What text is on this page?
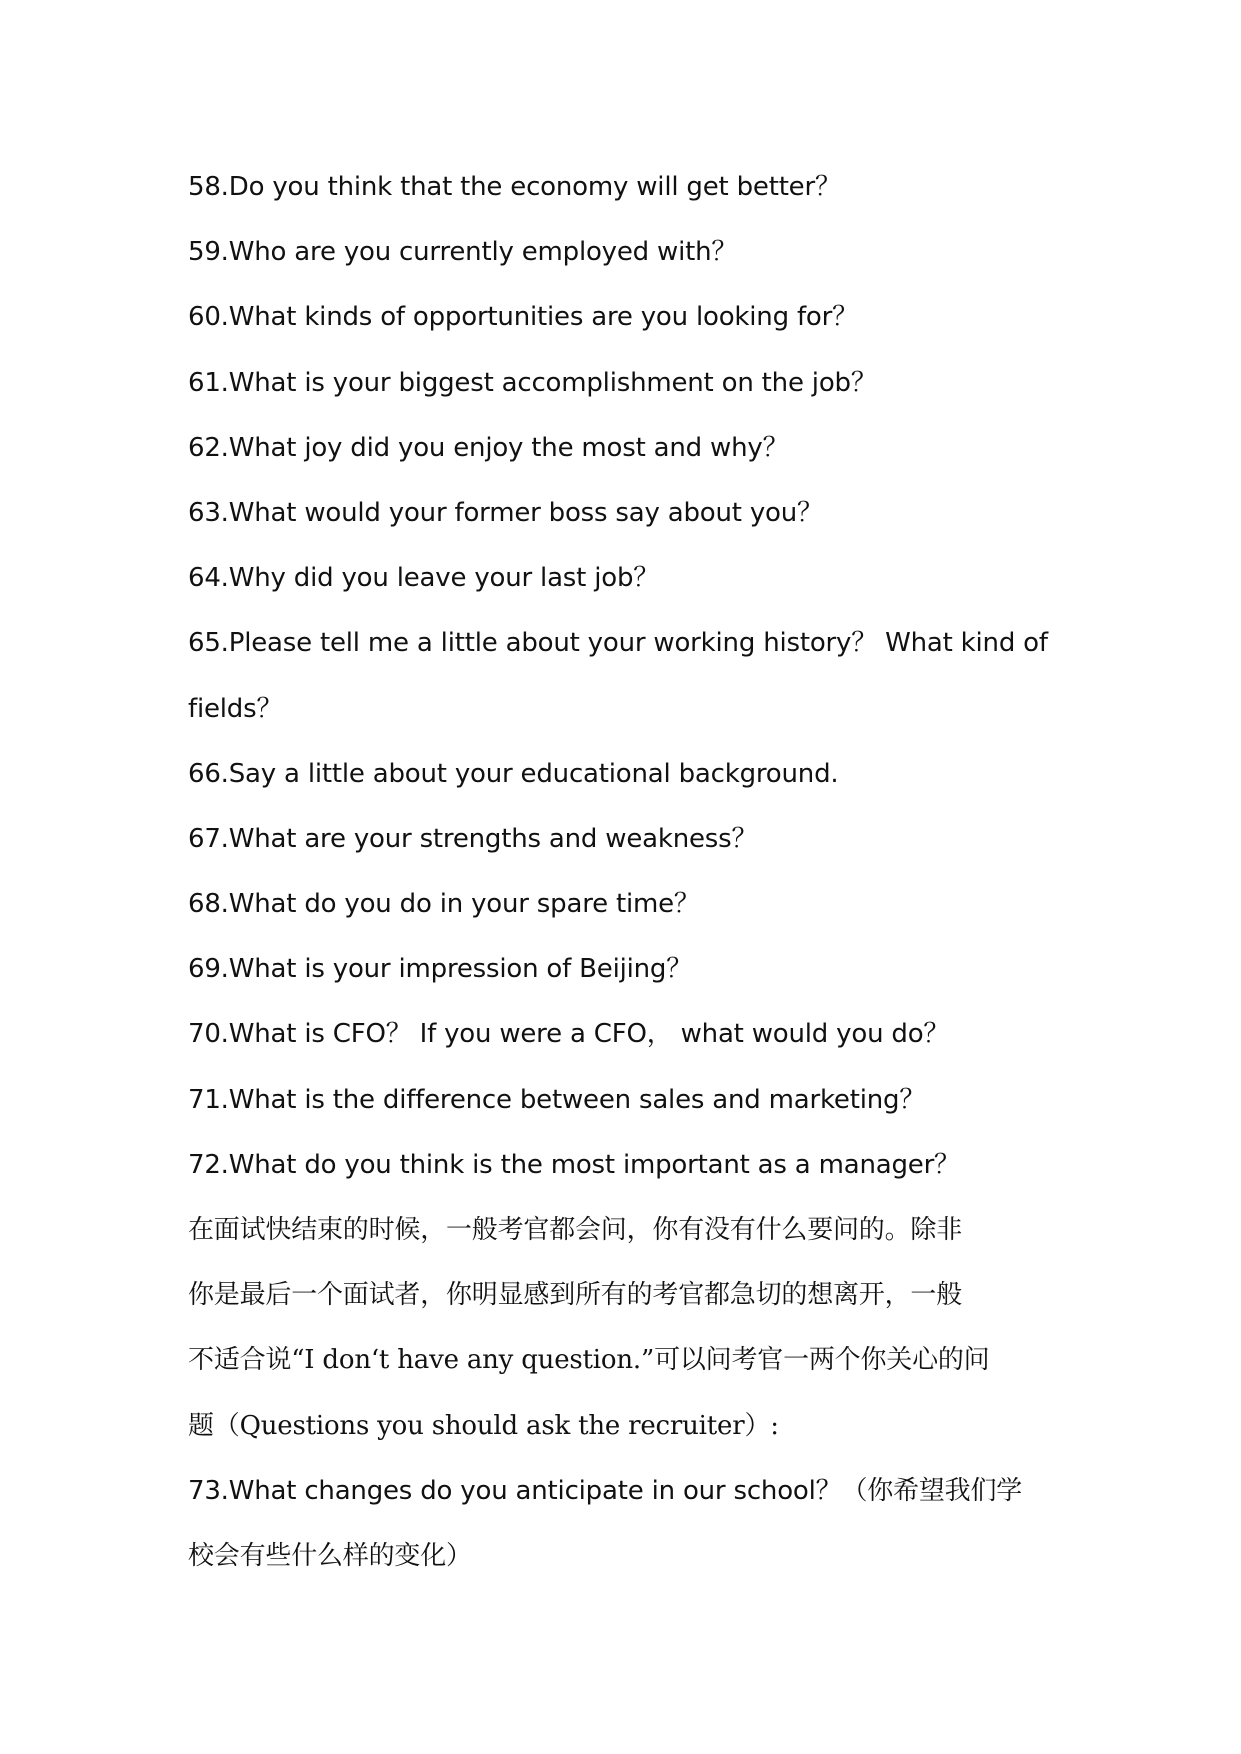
58.Do you think that the economy will get better？
59.Who are you currently employed with？
60.What kinds of opportunities are you looking for？
61.What is your biggest accomplishment on the job？
62.What joy did you enjoy the most and why？
63.What would your former boss say about you？
64.Why did you leave your last job？
65.Please tell me a little about your working history？ What kind of
fields？
66.Say a little about your educational background.
67.What are your strengths and weakness？
68.What do you do in your spare time？
69.What is your impression of Beijing？
70.What is CFO？ If you were a CFO， what would you do？
71.What is the difference between sales and marketing？
72.What do you think is the most important as a manager？
在面试快结束的时候，一般考官都会问，你有没有什么要问的。除非
你是最后一个面试者，你明显感到所有的考官都急切的想离开，一般
不适合说“I don‘t have any question.”可以问考官一两个你关心的问
题（Questions you should ask the recruiter）:
73.What changes do you anticipate in our school？（你希望我们学
校会有些什么样的变化）
